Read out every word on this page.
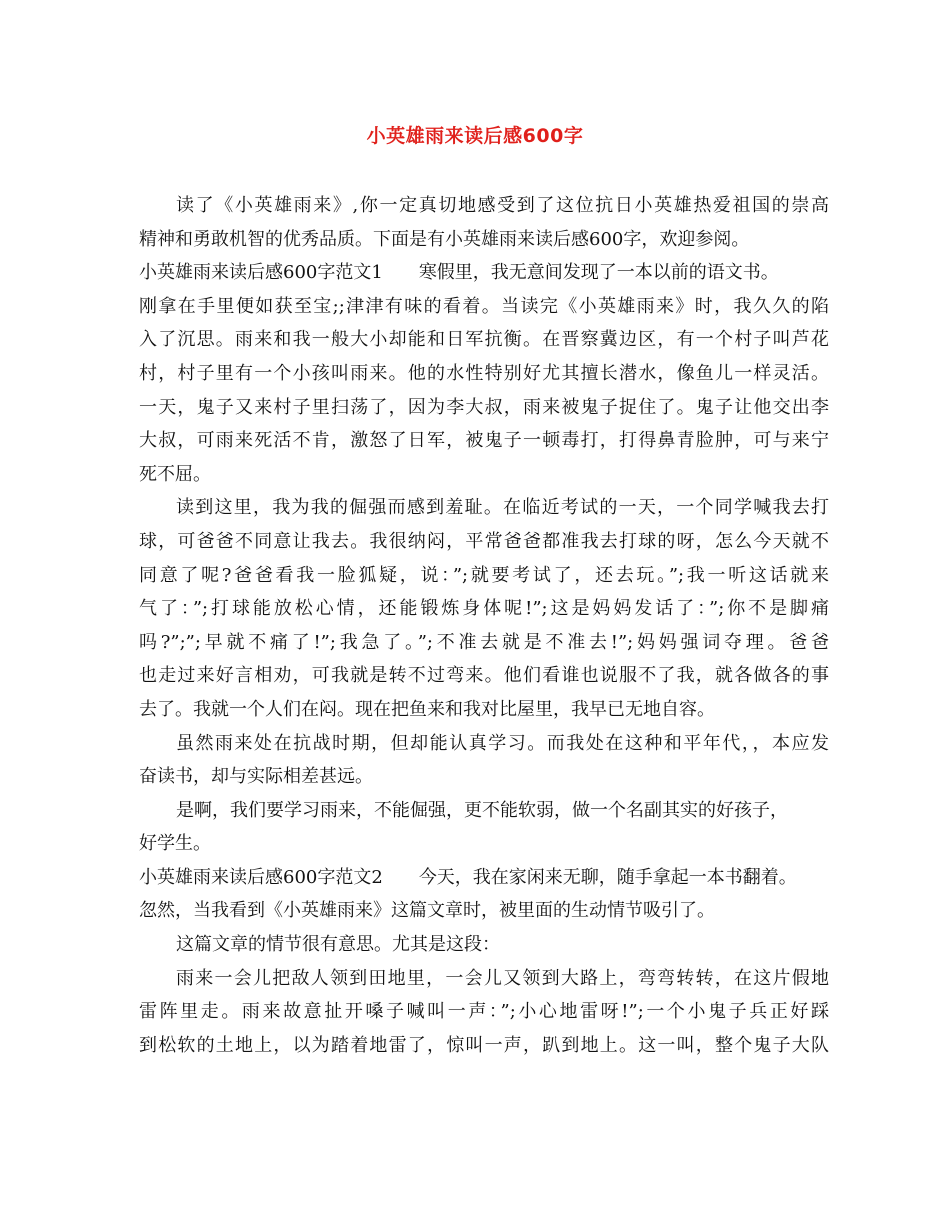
小英雄雨来读后感600字
读了《小英雄雨来》,你一定真切地感受到了这位抗日小英雄热爱祖国的崇高
精神和勇敢机智的优秀品质。下面是有小英雄雨来读后感600字，欢迎参阅。
小英雄雨来读后感600字范文1 寒假里，我无意间发现了一本以前的语文书。
刚拿在手里便如获至宝;;津津有味的看着。当读完《小英雄雨来》时，我久久的陷
入了沉思。雨来和我一般大小却能和日军抗衡。在晋察冀边区，有一个村子叫芦花
村，村子里有一个小孩叫雨来。他的水性特别好尤其擅长潜水，像鱼儿一样灵活。
一天，鬼子又来村子里扫荡了，因为李大叔，雨来被鬼子捉住了。鬼子让他交出李
大叔，可雨来死活不肯，激怒了日军，被鬼子一顿毒打，打得鼻青脸肿，可与来宁
死不屈。
读到这里，我为我的倔强而感到羞耻。在临近考试的一天，一个同学喊我去打
球，可爸爸不同意让我去。我很纳闷，平常爸爸都准我去打球的呀，怎么今天就不
同意了呢?爸爸看我一脸狐疑，说：”;就要考试了，还去玩。”;我一听这话就来
气了：”;打球能放松心情，还能锻炼身体呢!”;这是妈妈发话了：”;你不是脚痛
吗?”;”;早就不痛了!”;我急了。”;不准去就是不准去!”;妈妈强词夺理。爸爸
也走过来好言相劝，可我就是转不过弯来。他们看谁也说服不了我，就各做各的事
去了。我就一个人们在闷。现在把鱼来和我对比屋里，我早已无地自容。
虽然雨来处在抗战时期，但却能认真学习。而我处在这种和平年代，，本应发
奋读书，却与实际相差甚远。
是啊，我们要学习雨来，不能倔强，更不能软弱，做一个名副其实的好孩子，
好学生。
小英雄雨来读后感600字范文2 今天，我在家闲来无聊，随手拿起一本书翻着。
忽然，当我看到《小英雄雨来》这篇文章时，被里面的生动情节吸引了。
这篇文章的情节很有意思。尤其是这段：
雨来一会儿把敌人领到田地里，一会儿又领到大路上，弯弯转转，在这片假地
雷阵里走。雨来故意扯开嗓子喊叫一声：”;小心地雷呀!”;一个小鬼子兵正好踩
到松软的土地上，以为踏着地雷了，惊叫一声，趴到地上。这一叫，整个鬼子大队
